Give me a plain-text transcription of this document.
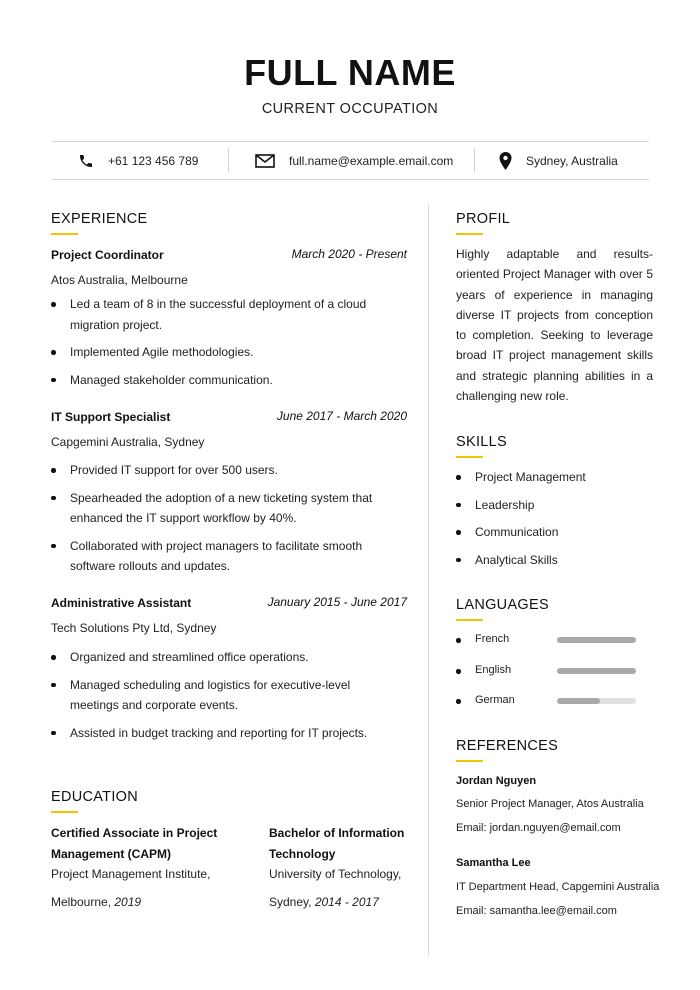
FULL NAME
CURRENT OCCUPATION
+61 123 456 789	full.name@example.email.com	Sydney, Australia
EXPERIENCE
Project Coordinator	March 2020 - Present
Atos Australia, Melbourne
Led a team of 8 in the successful deployment of a cloud migration project.
Implemented Agile methodologies.
Managed stakeholder communication.
IT Support Specialist	June 2017 - March 2020
Capgemini Australia, Sydney
Provided IT support for over 500 users.
Spearheaded the adoption of a new ticketing system that enhanced the IT support workflow by 40%.
Collaborated with project managers to facilitate smooth software rollouts and updates.
Administrative Assistant	January 2015 - June 2017
Tech Solutions Pty Ltd, Sydney
Organized and streamlined office operations.
Managed scheduling and logistics for executive-level meetings and corporate events.
Assisted in budget tracking and reporting for IT projects.
EDUCATION
Certified Associate in Project Management (CAPM)
Project Management Institute,
Melbourne, 2019
Bachelor of Information Technology
University of Technology,
Sydney, 2014 - 2017
PROFIL
Highly adaptable and results-oriented Project Manager with over 5 years of experience in managing diverse IT projects from conception to completion. Seeking to leverage broad IT project management skills and strategic planning abilities in a challenging new role.
SKILLS
Project Management
Leadership
Communication
Analytical Skills
LANGUAGES
French
English
German
REFERENCES
Jordan Nguyen
Senior Project Manager, Atos Australia
Email: jordan.nguyen@email.com
Samantha Lee
IT Department Head, Capgemini Australia
Email: samantha.lee@email.com
